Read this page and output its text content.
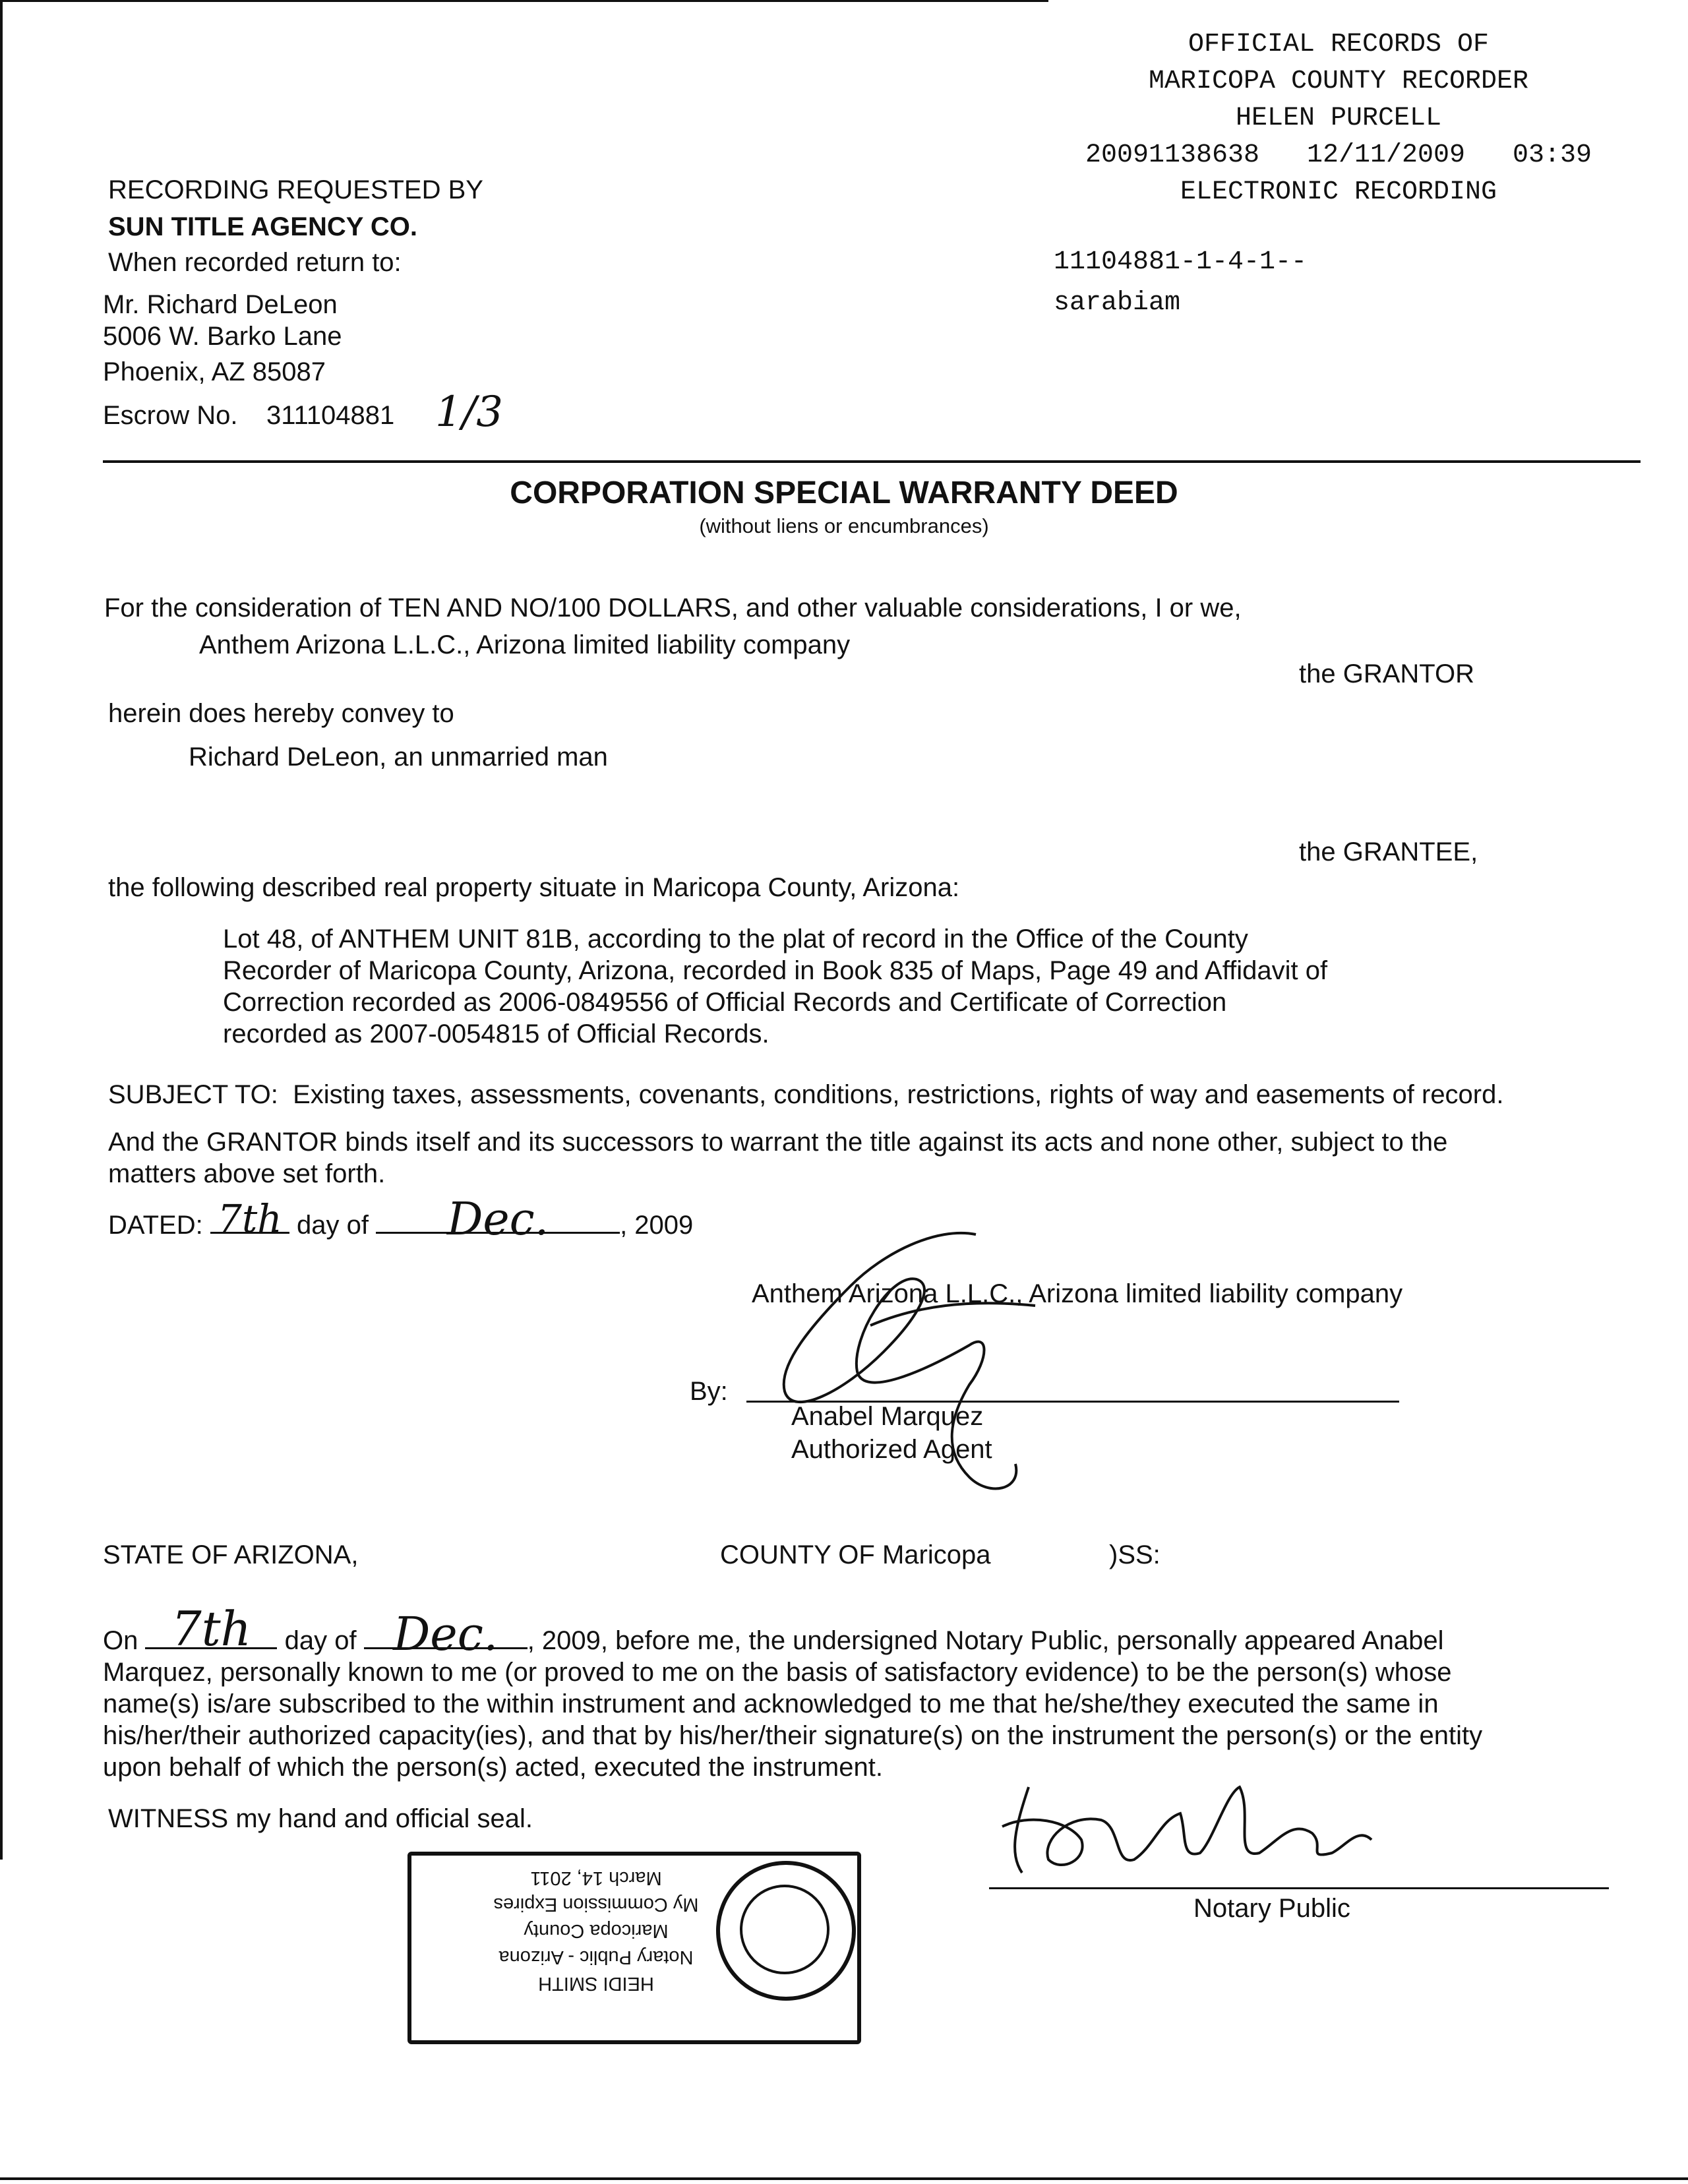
OFFICIAL RECORDS OF
MARICOPA COUNTY RECORDER
HELEN PURCELL
20091138638   12/11/2009   03:39
ELECTRONIC RECORDING
11104881-1-4-1--
sarabiam
RECORDING REQUESTED BY
SUN TITLE AGENCY CO.
When recorded return to:
Mr. Richard DeLeon
5006 W. Barko Lane
Phoenix, AZ 85087
Escrow No. 311104881 1/3
CORPORATION SPECIAL WARRANTY DEED
(without liens or encumbrances)
For the consideration of TEN AND NO/100 DOLLARS, and other valuable considerations, I or we,
Anthem Arizona L.L.C., Arizona limited liability company
the GRANTOR
herein does hereby convey to
Richard DeLeon, an unmarried man
the GRANTEE,
the following described real property situate in Maricopa County, Arizona:
Lot 48, of ANTHEM UNIT 81B, according to the plat of record in the Office of the County
Recorder of Maricopa County, Arizona, recorded in Book 835 of Maps, Page 49 and Affidavit of
Correction recorded as 2006-0849556 of Official Records and Certificate of Correction
recorded as 2007-0054815 of Official Records.
SUBJECT TO:  Existing taxes, assessments, covenants, conditions, restrictions, rights of way and easements of record.
And the GRANTOR binds itself and its successors to warrant the title against its acts and none other, subject to the
matters above set forth.
DATED: 7th day of	Dec.	, 2009
Anthem Arizona L.L.C., Arizona limited liability company
By:
Anabel Marquez
Authorized Agent
STATE OF ARIZONA,	COUNTY OF Maricopa	)SS:
On 7th	day of Dec.	, 2009, before me, the undersigned Notary Public, personally appeared Anabel
Marquez, personally known to me (or proved to me on the basis of satisfactory evidence) to be the person(s) whose
name(s) is/are subscribed to the within instrument and acknowledged to me that he/she/they executed the same in
his/her/their authorized capacity(ies), and that by his/her/their signature(s) on the instrument the person(s) or the entity
upon behalf of which the person(s) acted, executed the instrument.
WITNESS my hand and official seal.
Notary Public
HEIDI SMITH
Notary Public - Arizona
Maricopa County
My Commission Expires
March 14, 2011
